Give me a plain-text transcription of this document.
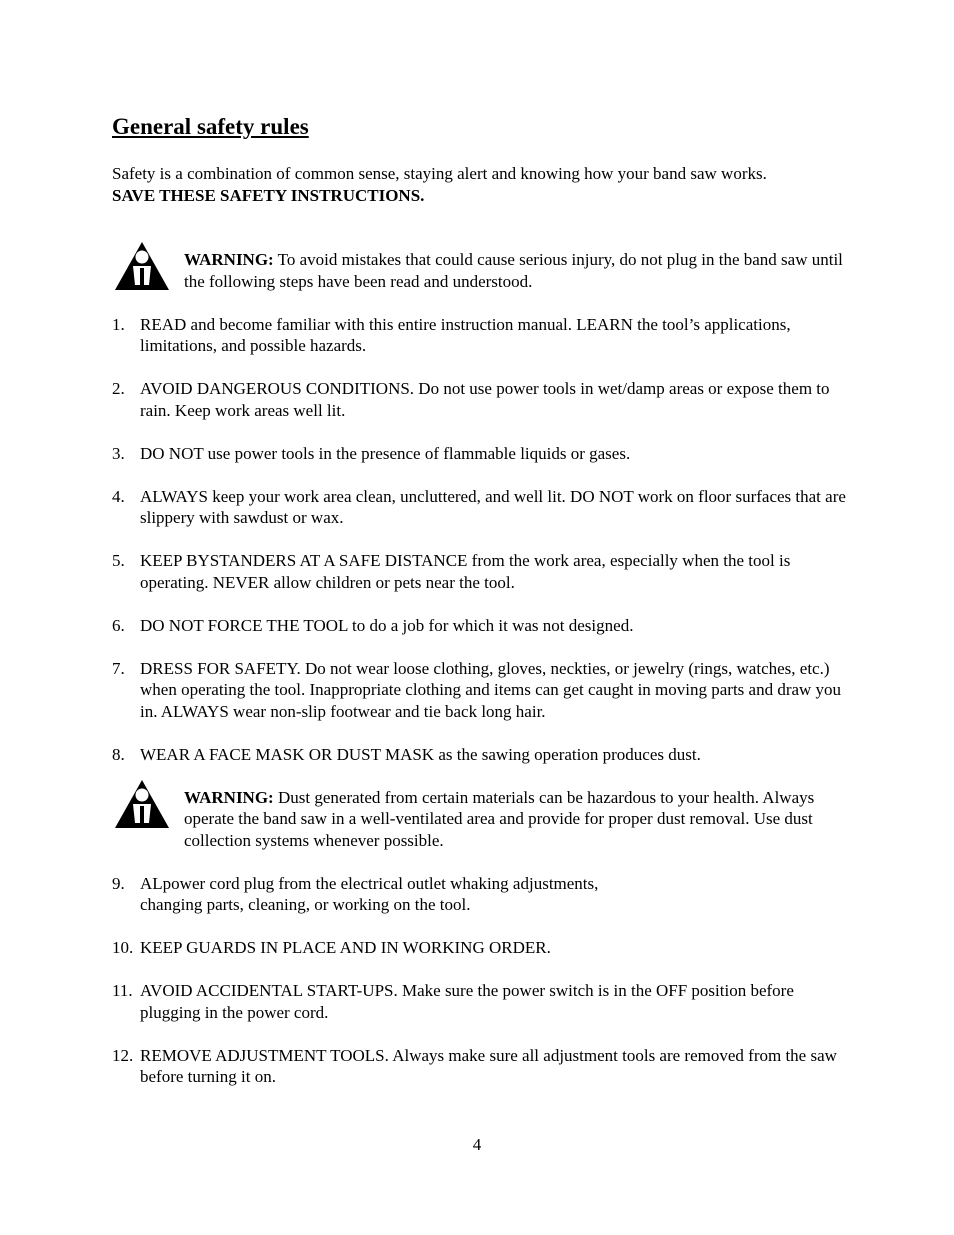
General safety rules
Safety is a combination of common sense, staying alert and knowing how your band saw works.
SAVE THESE SAFETY INSTRUCTIONS.
WARNING: To avoid mistakes that could cause serious injury, do not plug in the band saw until the following steps have been read and understood.
1. READ and become familiar with this entire instruction manual. LEARN the tool’s applications, limitations, and possible hazards.
2. AVOID DANGEROUS CONDITIONS. Do not use power tools in wet/damp areas or expose them to rain. Keep work areas well lit.
3. DO NOT use power tools in the presence of flammable liquids or gases.
4. ALWAYS keep your work area clean, uncluttered, and well lit. DO NOT work on floor surfaces that are slippery with sawdust or wax.
5. KEEP BYSTANDERS AT A SAFE DISTANCE from the work area, especially when the tool is operating. NEVER allow children or pets near the tool.
6. DO NOT FORCE THE TOOL to do a job for which it was not designed.
7. DRESS FOR SAFETY. Do not wear loose clothing, gloves, neckties, or jewelry (rings, watches, etc.) when operating the tool. Inappropriate clothing and items can get caught in moving parts and draw you in. ALWAYS wear non-slip footwear and tie back long hair.
8. WEAR A FACE MASK OR DUST MASK as the sawing operation produces dust.
WARNING: Dust generated from certain materials can be hazardous to your health. Always operate the band saw in a well-ventilated area and provide for proper dust removal. Use dust collection systems whenever possible.
9. ALpower cord plug from the electrical outlet whaking adjustments,
changing parts, cleaning, or working on the tool.
10. KEEP GUARDS IN PLACE AND IN WORKING ORDER.
11. AVOID ACCIDENTAL START-UPS. Make sure the power switch is in the OFF position before plugging in the power cord.
12. REMOVE ADJUSTMENT TOOLS. Always make sure all adjustment tools are removed from the saw before turning it on.
4
